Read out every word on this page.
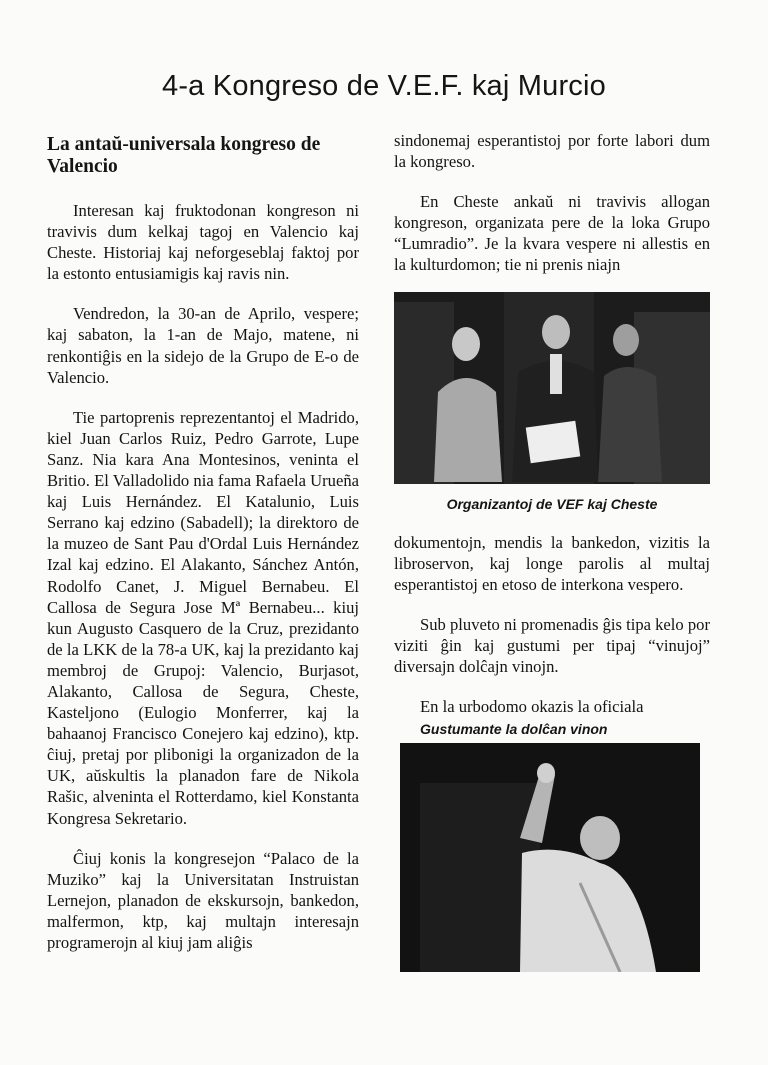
4-a Kongreso de V.E.F. kaj Murcio
La antaŭ-universala kongreso de Valencio

Interesan kaj fruktodonan kongreson ni travivis dum kelkaj tagoj en Valencio kaj Cheste. Historiaj kaj neforgeseblaj faktoj por la estonto entusiamigis kaj ravis nin.

Vendredon, la 30-an de Aprilo, vespere; kaj sabaton, la 1-an de Majo, matene, ni renkontiĝis en la sidejo de la Grupo de E-o de Valencio.

Tie partoprenis reprezentantoj el Madrido, kiel Juan Carlos Ruiz, Pedro Garrote, Lupe Sanz. Nia kara Ana Montesinos, veninta el Britio. El Valladolido nia fama Rafaela Urueña kaj Luis Hernández. El Katalunio, Luis Serrano kaj edzino (Sabadell); la direktoro de la muzeo de Sant Pau d'Ordal Luis Hernández Izal kaj edzino. El Alakanto, Sánchez Antón, Rodolfo Canet, J. Miguel Bernabeu. El Callosa de Segura Jose Mª Bernabeu... kiuj kun Augusto Casquero de la Cruz, prezidanto de la LKK de la 78-a UK, kaj la prezidanto kaj membroj de Grupoj: Valencio, Burjasot, Alakanto, Callosa de Segura, Cheste, Kasteljono (Eulogio Monferrer, kaj la bahaanoj Francisco Conejero kaj edzino), ktp. ĉiuj, pretaj por plibonigi la organizadon de la UK, aŭskultis la planadon fare de Nikola Rašic, alveninta el Rotterdamo, kiel Konstanta Kongresa Sekretario.

Ĉiuj konis la kongresejon “Palaco de la Muziko” kaj la Universitatan Instruistan Lernejon, planadon de ekskursojn, bankedon, malfermon, ktp, kaj multajn interesajn programerojn al kiuj jam aliĝis

sindonemaj esperantistoj por forte labori dum la kongreso.

En Cheste ankaŭ ni travivis allogan kongreson, organizata pere de la loka Grupo “Lumradio”. Je la kvara vespere ni allestis en la kulturdomon; tie ni prenis niajn

Organizantoj de VEF kaj Cheste

dokumentojn, mendis la bankedon, vizitis la libroservon, kaj longe parolis al multaj esperantistoj en etoso de interkona vespero.

Sub pluveto ni promenadis ĝis tipa kelo por viziti ĝin kaj gustumi per tipaj “vinujoj” diversajn dolĉajn vinojn.

En la urbodomo okazis la oficiala

Gustumante la dolĉan vinon
